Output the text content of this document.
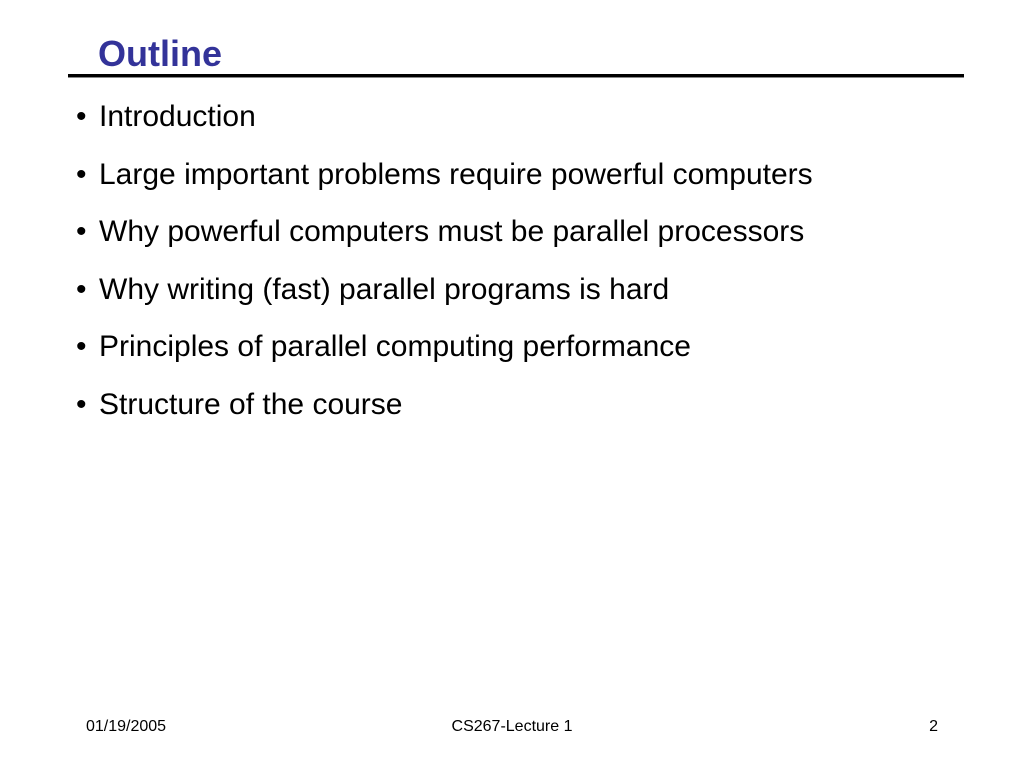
Outline
• Introduction
• Large important problems require powerful computers
• Why powerful computers must be parallel processors
• Why writing (fast) parallel programs is hard
• Principles of parallel computing performance
• Structure of the course
01/19/2005	CS267-Lecture 1	2
